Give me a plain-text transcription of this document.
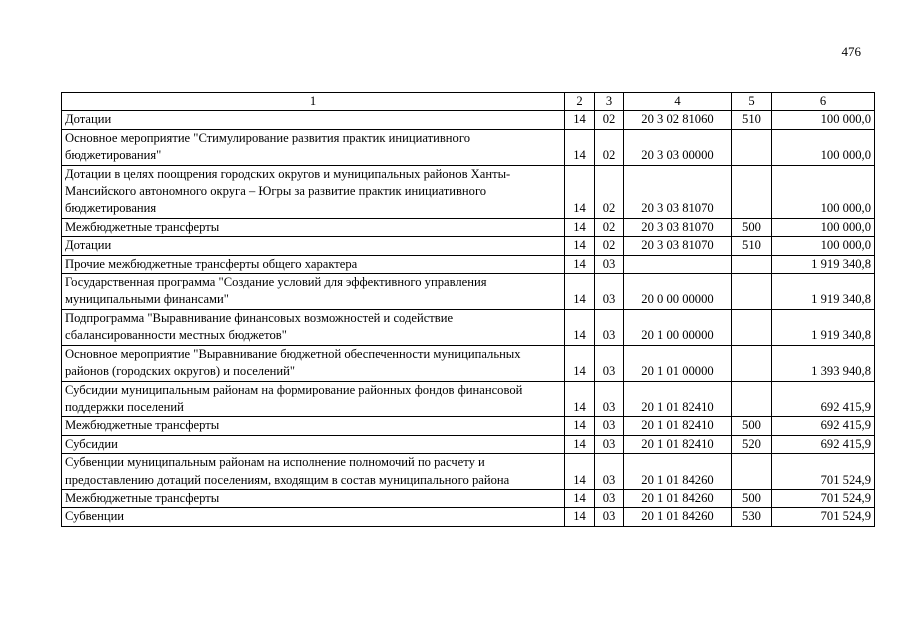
476
1	2	3	4	5	6
Дотации	14	02	20 3 02 81060	510	100 000,0
Основное мероприятие "Стимулирование развития практик инициативного бюджетирования"	14	02	20 3 03 00000		100 000,0
Дотации в целях поощрения городских округов и муниципальных районов Ханты-Мансийского автономного округа – Югры за развитие практик инициативного бюджетирования	14	02	20 3 03 81070		100 000,0
Межбюджетные трансферты	14	02	20 3 03 81070	500	100 000,0
Дотации	14	02	20 3 03 81070	510	100 000,0
Прочие межбюджетные трансферты общего характера	14	03			1 919 340,8
Государственная программа "Создание условий для эффективного управления муниципальными финансами"	14	03	20 0 00 00000		1 919 340,8
Подпрограмма "Выравнивание финансовых возможностей и содействие сбалансированности местных бюджетов"	14	03	20 1 00 00000		1 919 340,8
Основное мероприятие "Выравнивание бюджетной обеспеченности муниципальных районов (городских округов) и поселений"	14	03	20 1 01 00000		1 393 940,8
Субсидии муниципальным районам на формирование районных фондов финансовой поддержки поселений	14	03	20 1 01 82410		692 415,9
Межбюджетные трансферты	14	03	20 1 01 82410	500	692 415,9
Субсидии	14	03	20 1 01 82410	520	692 415,9
Субвенции муниципальным районам на исполнение полномочий по расчету и предоставлению дотаций поселениям, входящим в состав муниципального района	14	03	20 1 01 84260		701 524,9
Межбюджетные трансферты	14	03	20 1 01 84260	500	701 524,9
Субвенции	14	03	20 1 01 84260	530	701 524,9
